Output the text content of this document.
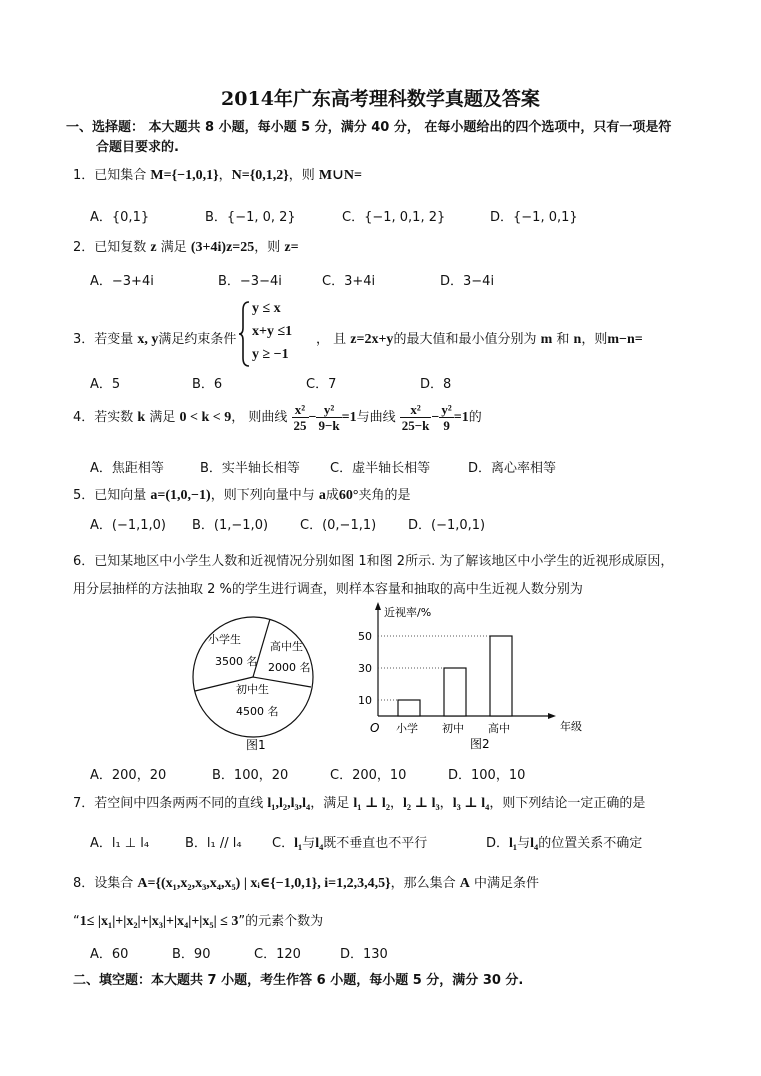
2014年广东高考理科数学真题及答案
一、选择题： 本大题共 8 小题，每小题 5 分，满分 40 分， 在每小题给出的四个选项中，只有一项是符
合题目要求的.
1．已知集合 M={−1,0,1}，N={0,1,2}，则 M∪N=
A．{0,1}	B．{−1, 0, 2}	C．{−1, 0,1, 2}	D．{−1, 0,1}
2．已知复数 z 满足 (3+4i)z=25，则 z=
A．−3+4i	B．−3−4i	C．3+4i	D．3−4i
3．若变量 x, y满足约束条件
y ≤ x
x+y ≤1
y ≥ −1
， 且 z=2x+y的最大值和最小值分别为 m 和 n，则m−n=
A．5	B．6	C．7	D．8
4．若实数 k 满足 0 < k < 9， 则曲线 $\frac{\text{x²}}{25} - \frac{\text{y²}}{9-k} =1$与曲线 $\frac{\text{x²}}{25-k} - \frac{\text{y²}}{9} =1$的
A．焦距相等	B．实半轴长相等 C．虚半轴长相等	D．离心率相等
5．已知向量 a=(1,0,−1)，则下列向量中与 a成60°夹角的是
A．(−1,1,0) B．(1,−1,0) C．(0,−1,1) D．(−1,0,1)
6．已知某地区中小学生人数和近视情况分别如图 1和图 2所示. 为了解该地区中小学生的近视形成原因，
用分层抽样的方法抽取 2 %的学生进行调查，则样本容量和抽取的高中生近视人数分别为
小学生
3500 名
高中生
2000 名
初中生
4500 名
图1
近视率/%
O	年级
图2
10
30
50
小学 初中 高中
A．200，20	B．100，20	C．200，10	D．100，10
7．若空间中四条两两不同的直线 l₁,l₂,l₃,l₄，满足 l₁ ⊥ l₂，l₂ ⊥ l₃，l₃ ⊥ l₄，则下列结论一定正确的是
A．l₁ ⊥ l₄	B．l₁ // l₄ C．l₁与l₄既不垂直也不平行	D．l₁与l₄的位置关系不确定
8．设集合 A={(x₁,x₂,x₃,x₄,x₅) | xᵢ∈{−1,0,1}, i=1,2,3,4,5}，那么集合 A 中满足条件
“1≤ |x₁|+|x₂|+|x₃|+|x₄|+|x₅| ≤ 3”的元素个数为
A．60	B．90	C．120	D．130
二、填空题：本大题共 7 小题，考生作答 6 小题，每小题 5 分，满分 30 分.
